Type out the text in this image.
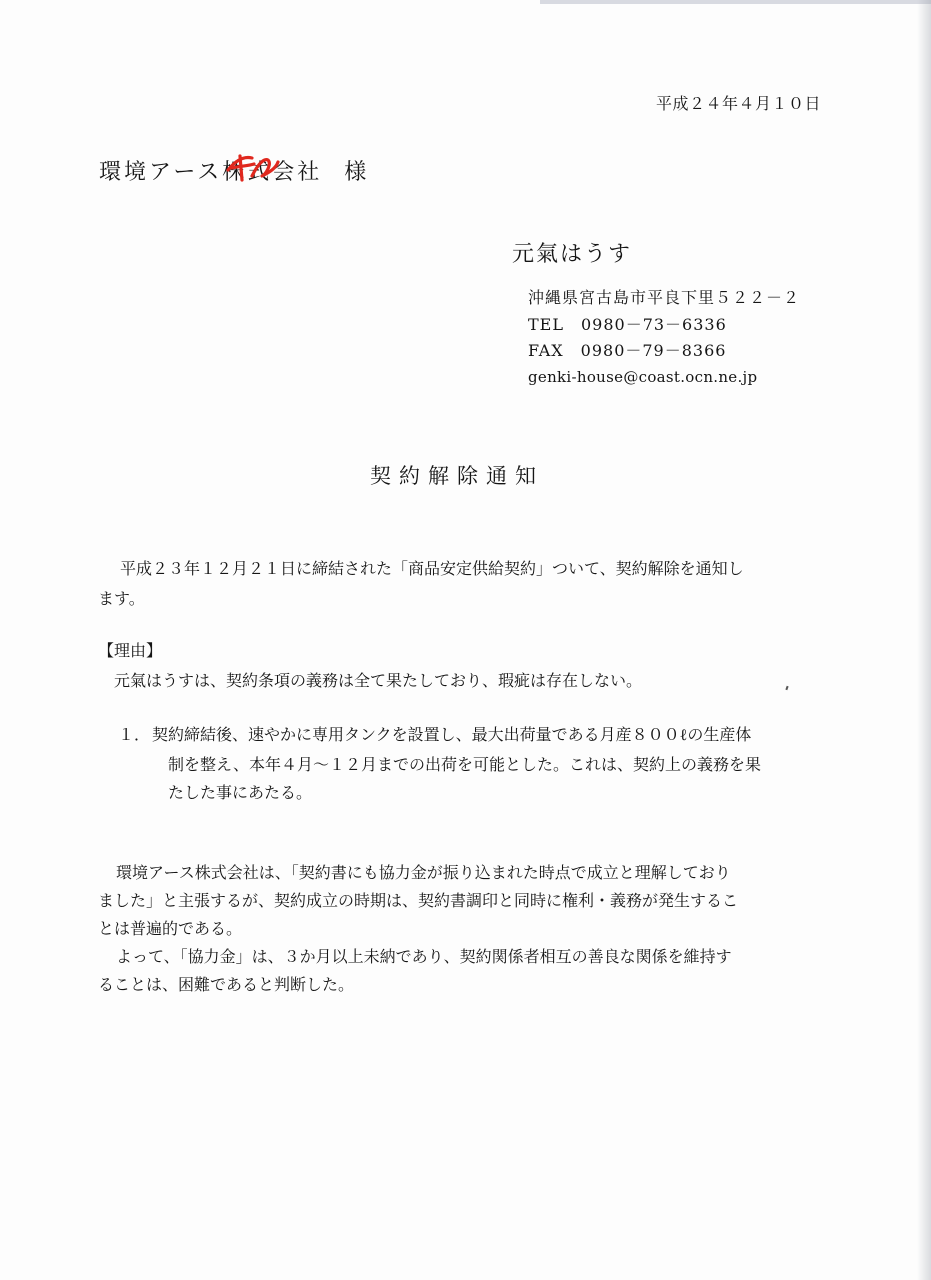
平成２４年４月１０日
環境アース株式会社 様
元氣はうす
沖縄県宮古島市平良下里５２２－２
TEL　0980－73－6336
FAX　0980－79－8366
genki-house@coast.ocn.ne.jp
契約解除通知
平成２３年１２月２１日に締結された「商品安定供給契約」ついて、契約解除を通知し
ます。
【理由】
元氣はうすは、契約条項の義務は全て果たしており、瑕疵は存在しない。
１． 契約締結後、速やかに専用タンクを設置し、最大出荷量である月産８００ℓの生産体
制を整え、本年４月～１２月までの出荷を可能とした。これは、契約上の義務を果
たした事にあたる。
環境アース株式会社は、「契約書にも協力金が振り込まれた時点で成立と理解しており
ました」と主張するが、契約成立の時期は、契約書調印と同時に権利・義務が発生するこ
とは普遍的である。
よって、「協力金」は、３か月以上未納であり、契約関係者相互の善良な関係を維持す
ることは、困難であると判断した。
